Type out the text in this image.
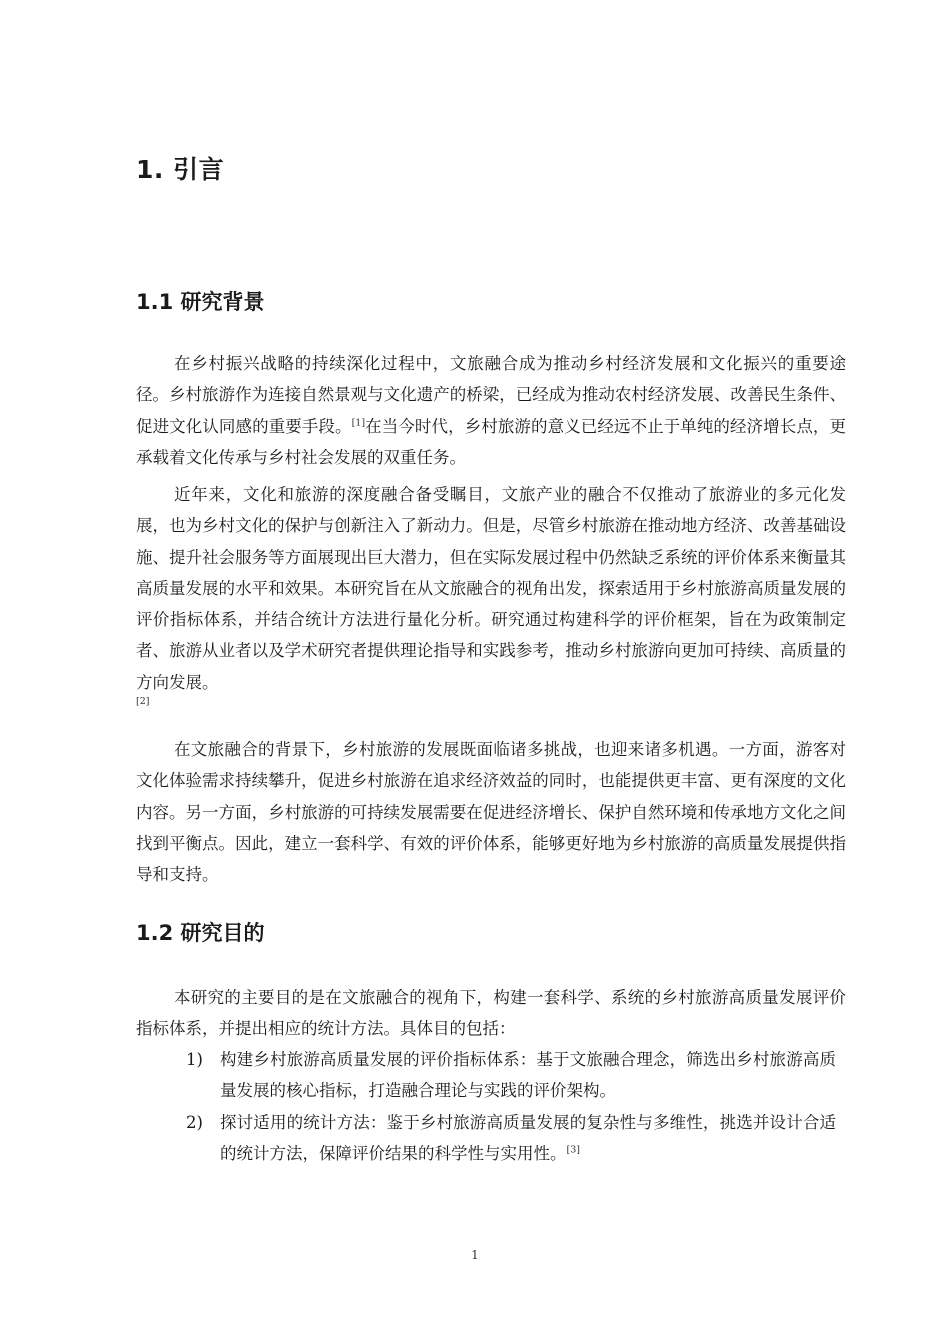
1. 引言
1.1 研究背景

在乡村振兴战略的持续深化过程中，文旅融合成为推动乡村经济发展和文化振兴的重要途径。乡村旅游作为连接自然景观与文化遗产的桥梁，已经成为推动农村经济发展、改善民生条件、促进文化认同感的重要手段。[1]在当今时代，乡村旅游的意义已经远不止于单纯的经济增长点，更承载着文化传承与乡村社会发展的双重任务。

近年来，文化和旅游的深度融合备受瞩目，文旅产业的融合不仅推动了旅游业的多元化发展，也为乡村文化的保护与创新注入了新动力。但是，尽管乡村旅游在推动地方经济、改善基础设施、提升社会服务等方面展现出巨大潜力，但在实际发展过程中仍然缺乏系统的评价体系来衡量其高质量发展的水平和效果。本研究旨在从文旅融合的视角出发，探索适用于乡村旅游高质量发展的评价指标体系，并结合统计方法进行量化分析。研究通过构建科学的评价框架，旨在为政策制定者、旅游从业者以及学术研究者提供理论指导和实践参考，推动乡村旅游向更加可持续、高质量的方向发展。
[2]

在文旅融合的背景下，乡村旅游的发展既面临诸多挑战，也迎来诸多机遇。一方面，游客对文化体验需求持续攀升，促进乡村旅游在追求经济效益的同时，也能提供更丰富、更有深度的文化内容。另一方面，乡村旅游的可持续发展需要在促进经济增长、保护自然环境和传承地方文化之间找到平衡点。因此，建立一套科学、有效的评价体系，能够更好地为乡村旅游的高质量发展提供指导和支持。

1.2 研究目的

本研究的主要目的是在文旅融合的视角下，构建一套科学、系统的乡村旅游高质量发展评价指标体系，并提出相应的统计方法。具体目的包括：

1)	构建乡村旅游高质量发展的评价指标体系：基于文旅融合理念，筛选出乡村旅游高质量发展的核心指标，打造融合理论与实践的评价架构。
2)	探讨适用的统计方法：鉴于乡村旅游高质量发展的复杂性与多维性，挑选并设计合适的统计方法，保障评价结果的科学性与实用性。[3]
1
